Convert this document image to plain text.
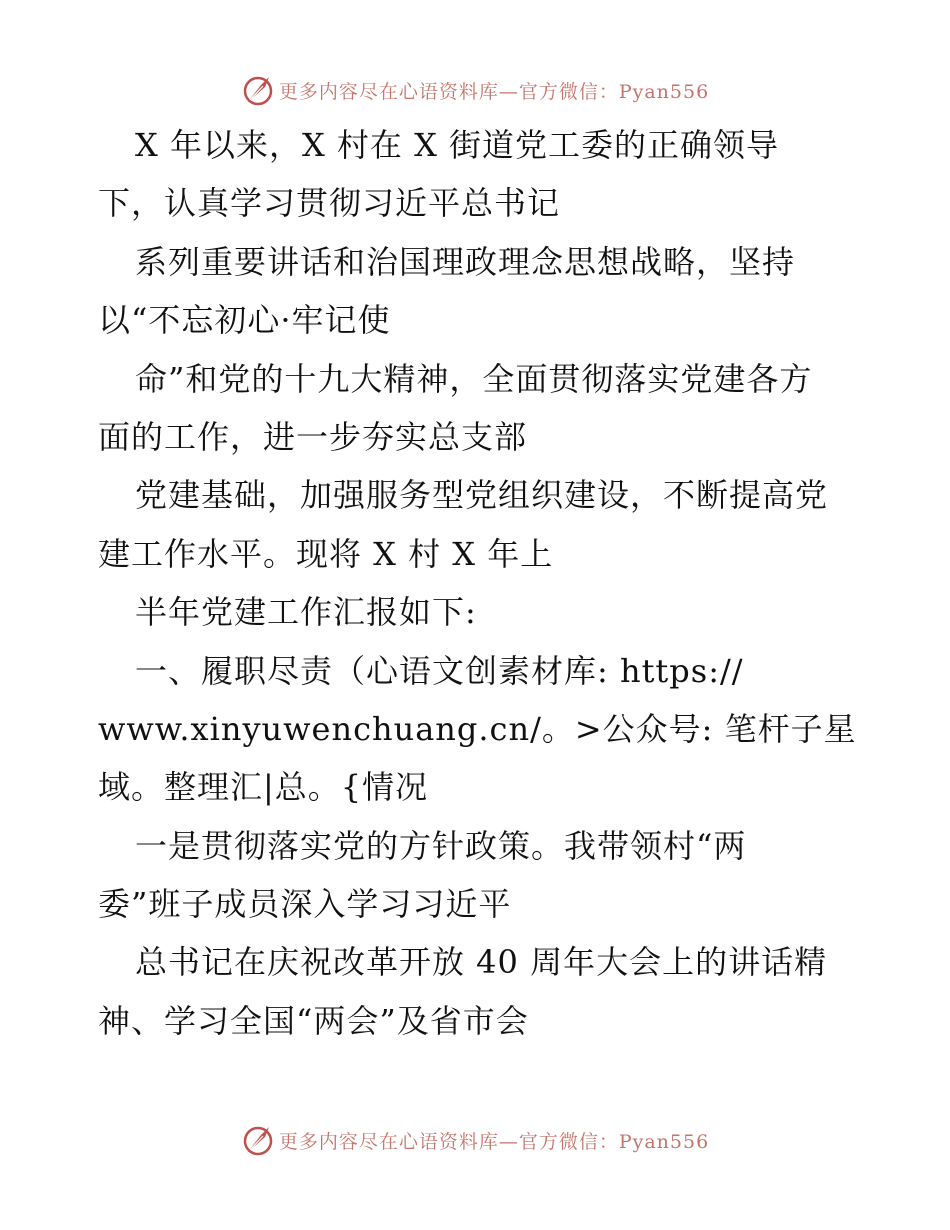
更多内容尽在心语资料库—官方微信：Pyan556
X 年以来，X 村在 X 街道党工委的正确领导
下，认真学习贯彻习近平总书记
系列重要讲话和治国理政理念思想战略，坚持
以“不忘初心·牢记使
命”和党的十九大精神，全面贯彻落实党建各方
面的工作，进一步夯实总支部
党建基础，加强服务型党组织建设，不断提高党
建工作水平。现将 X 村 X 年上
半年党建工作汇报如下:
一、履职尽责（心语文创素材库: https://
www.xinyuwenchuang.cn/。>公众号: 笔杆子星
域。整理汇|总。{情况
一是贯彻落实党的方针政策。我带领村“两
委”班子成员深入学习习近平
总书记在庆祝改革开放 40 周年大会上的讲话精
神、学习全国“两会”及省市会
更多内容尽在心语资料库—官方微信：Pyan556
